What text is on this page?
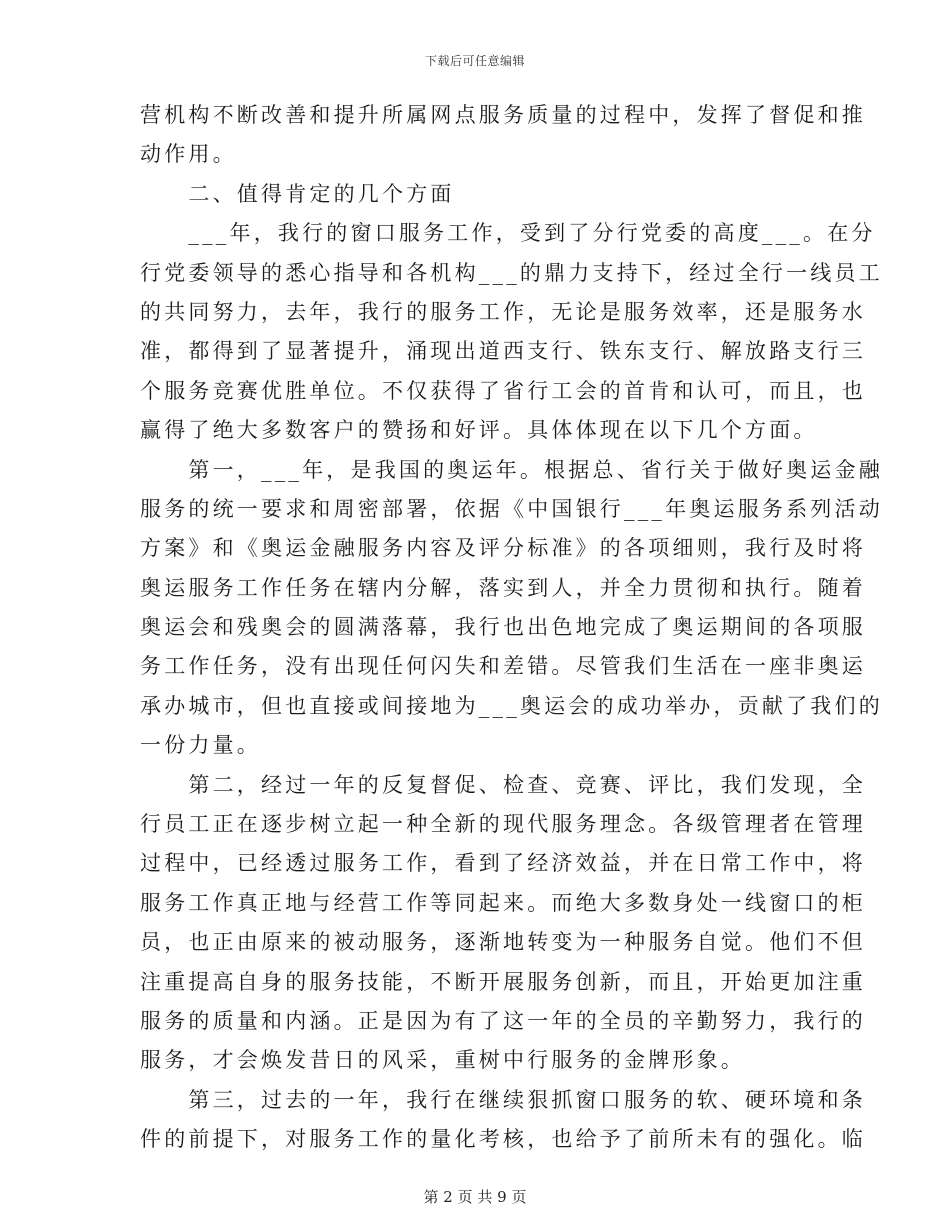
下载后可任意编辑
营机构不断改善和提升所属网点服务质量的过程中，发挥了督促和推
动作用。
　　二、值得肯定的几个方面
　　___年，我行的窗口服务工作，受到了分行党委的高度___。在分
行党委领导的悉心指导和各机构___的鼎力支持下，经过全行一线员工
的共同努力，去年，我行的服务工作，无论是服务效率，还是服务水
准，都得到了显著提升，涌现出道西支行、铁东支行、解放路支行三
个服务竞赛优胜单位。不仅获得了省行工会的首肯和认可，而且，也
赢得了绝大多数客户的赞扬和好评。具体体现在以下几个方面。
　　第一，___年，是我国的奥运年。根据总、省行关于做好奥运金融
服务的统一要求和周密部署，依据《中国银行___年奥运服务系列活动
方案》和《奥运金融服务内容及评分标准》的各项细则，我行及时将
奥运服务工作任务在辖内分解，落实到人，并全力贯彻和执行。随着
奥运会和残奥会的圆满落幕，我行也出色地完成了奥运期间的各项服
务工作任务，没有出现任何闪失和差错。尽管我们生活在一座非奥运
承办城市，但也直接或间接地为___奥运会的成功举办，贡献了我们的
一份力量。
　　第二，经过一年的反复督促、检查、竞赛、评比，我们发现，全
行员工正在逐步树立起一种全新的现代服务理念。各级管理者在管理
过程中，已经透过服务工作，看到了经济效益，并在日常工作中，将
服务工作真正地与经营工作等同起来。而绝大多数身处一线窗口的柜
员，也正由原来的被动服务，逐渐地转变为一种服务自觉。他们不但
注重提高自身的服务技能，不断开展服务创新，而且，开始更加注重
服务的质量和内涵。正是因为有了这一年的全员的辛勤努力，我行的
服务，才会焕发昔日的风采，重树中行服务的金牌形象。
　　第三，过去的一年，我行在继续狠抓窗口服务的软、硬环境和条
件的前提下，对服务工作的量化考核，也给予了前所未有的强化。临
第 2 页 共 9 页
